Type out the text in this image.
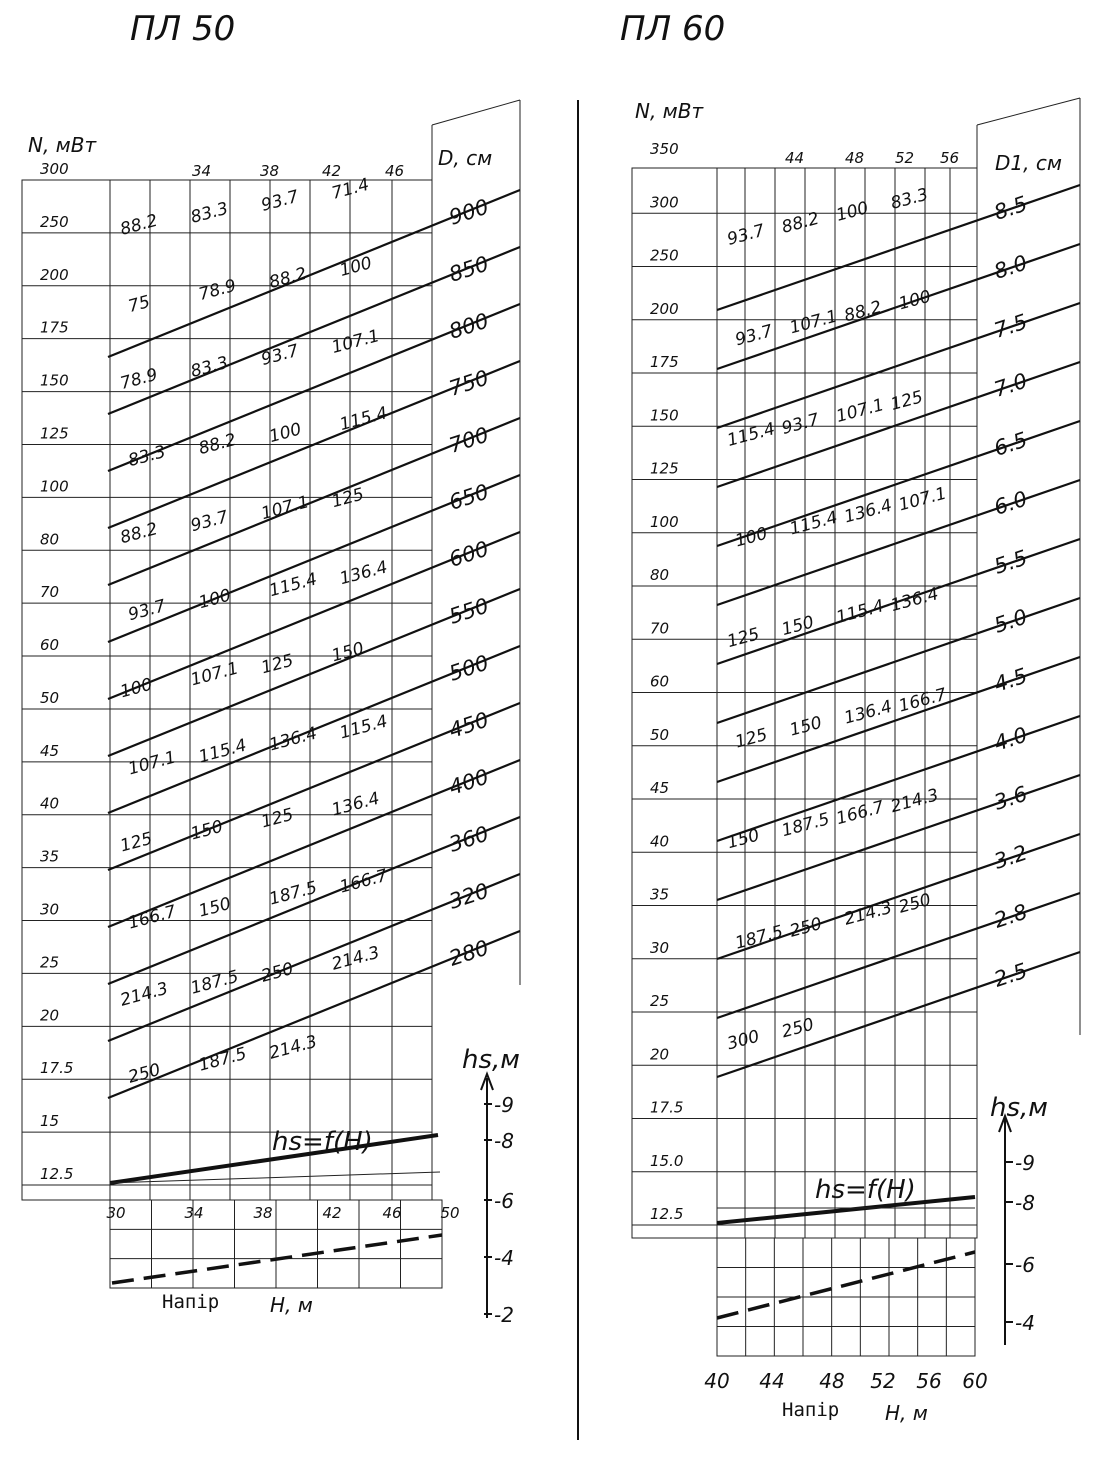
ПЛ 50
N, мВт
D, cм
300
250
200
175
150
125
100
80
70
60
50
45
40
35
30
25
20
17.5
15
12.5
34	38	42	46
900
850
800
750
700
650
600
550
500
450
400
360
320
280
88.2 83.3 93.7 71.4
75	78.9 88.2 100
78.9 83.3 93.7 107.1
83.3 88.2 100 115.4
88.2 93.7 107.1 125
93.7 100 115.4 136.4
100 107.1 125 150
107.1 115.4 136.4 115.4
125 150 125 136.4
166.7 150 187.5 166.7
214.3 187.5 250 214.3
250 187.5 214.3
hs=f(H)
30	34	38	42	46	50
Напір	H, м
hs,м
-9
-8
-6
-4
-2
ПЛ 60
N, мВт
D1, cм
350
300
250
200
175
150
125
100
80
70
60
50
45
40
35
30
25
20
17.5
15.0
12.5
44	48 52 56
8.5
8.0
7.5
7.0
6.5
6.0
5.5
5.0
4.5
4.0
3.6
3.2
2.8
2.5
93.7 88.2 100 83.3
93.7 107.1 88.2 100
115.4 93.7 107.1 125
100 115.4 136.4 107.1
125 150 115.4 136.4
125 150 136.4 166.7
150 187.5 166.7 214.3
187.5 250 214.3 250
300 250
hs=f(H)
40 44 48 52 56 60
Напір H, м
hs,м
-9
-8
-6
-4
